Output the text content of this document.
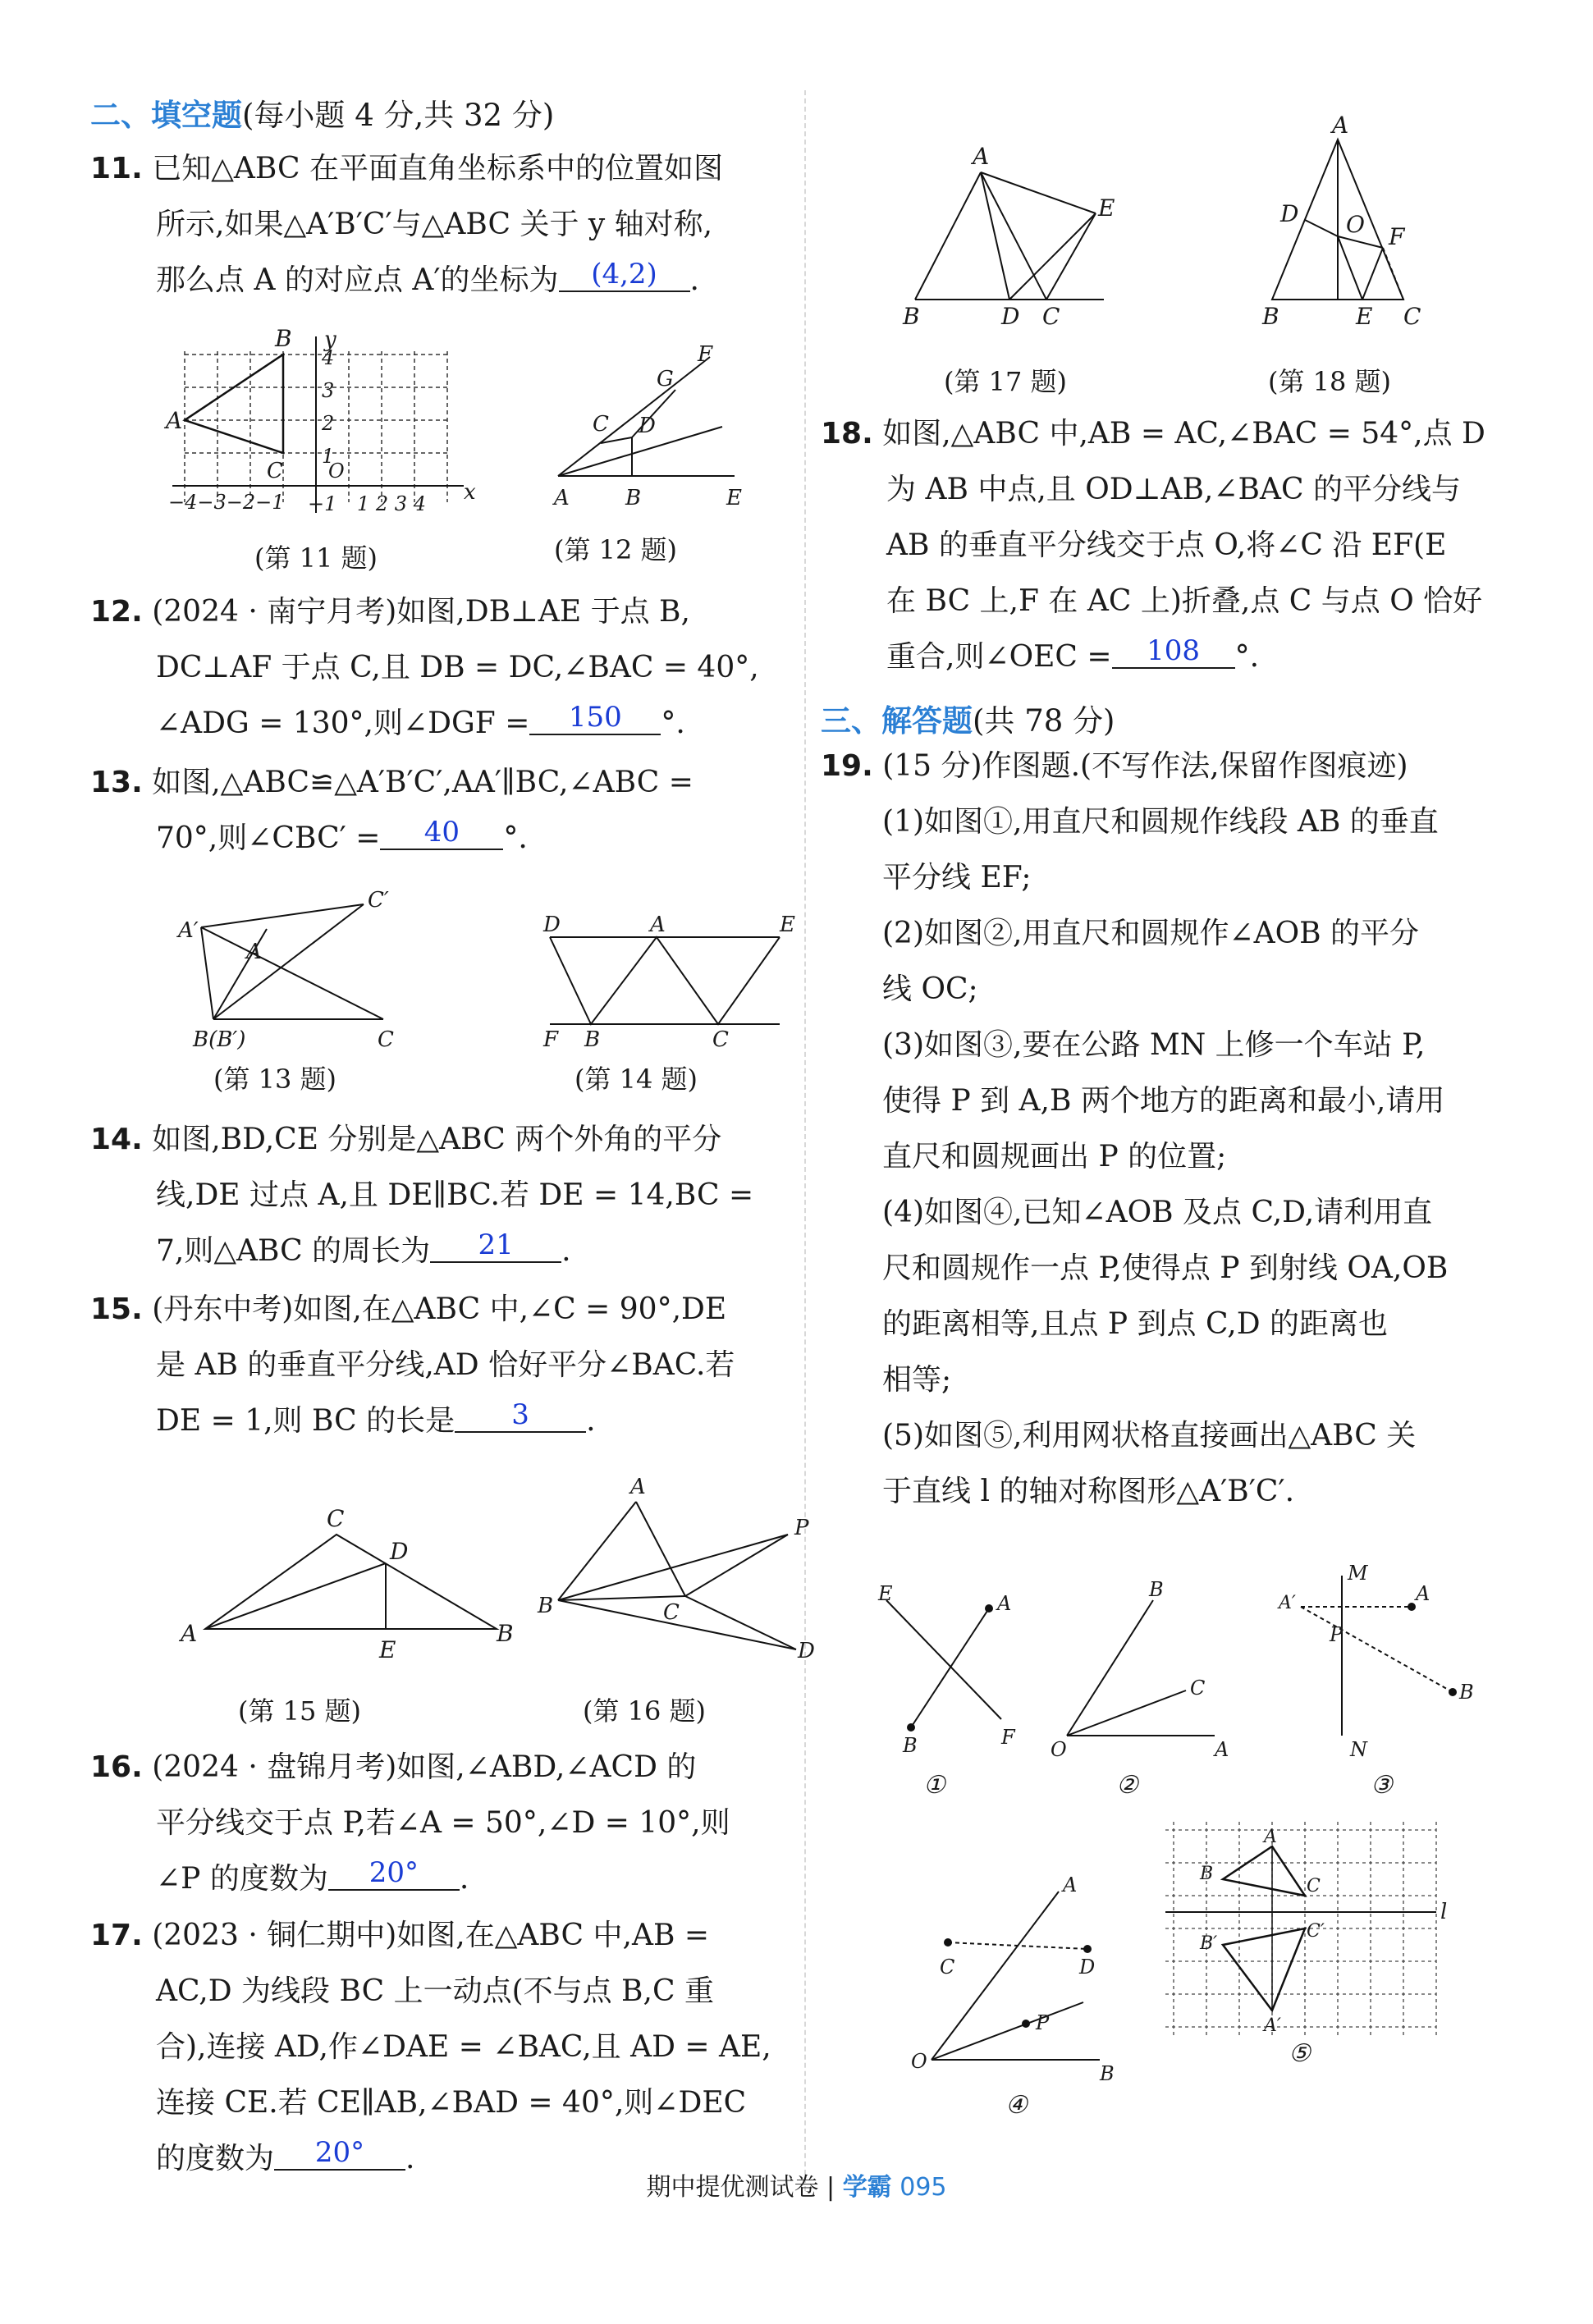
二、填空题(每小题 4 分,共 32 分)
11. 已知△ABC 在平面直角坐标系中的位置如图
所示,如果△A′B′C′与△ABC 关于 y 轴对称,
那么点 A 的对应点 A′的坐标为 (4,2) .
A
B
C
y
x
O
4
3
2
1
−4−3−2−1 −1 1 2 3 4
(第 11 题)
A	B	E
D
C
G
F
(第 12 题)
12. (2024 · 南宁月考)如图,DB⊥AE 于点 B,
DC⊥AF 于点 C,且 DB = DC,∠BAC = 40°,
∠ADG = 130°,则∠DGF = 150 °.
13. 如图,△ABC≌△A′B′C′,AA′∥BC,∠ABC =
70°,则∠CBC′ = 40 °.
A′
C′
A
B(B′)	C
(第 13 题)
D	A	E
F B	C
(第 14 题)
14. 如图,BD,CE 分别是△ABC 两个外角的平分
线,DE 过点 A,且 DE∥BC.若 DE = 14,BC =
7,则△ABC 的周长为 21 .
15. (丹东中考)如图,在△ABC 中,∠C = 90°,DE
是 AB 的垂直平分线,AD 恰好平分∠BAC.若
DE = 1,则 BC 的长是 3 .
C
D
A	B
E
(第 15 题)
A
B	C
P
D
(第 16 题)
16. (2024 · 盘锦月考)如图,∠ABD,∠ACD 的
平分线交于点 P,若∠A = 50°,∠D = 10°,则
∠P 的度数为 20° .
17. (2023 · 铜仁期中)如图,在△ABC 中,AB =
AC,D 为线段 BC 上一动点(不与点 B,C 重
合),连接 AD,作∠DAE = ∠BAC,且 AD = AE,
连接 CE.若 CE∥AB,∠BAD = 40°,则∠DEC
的度数为 20° .
A
E
B	D C
(第 17 题)
A
D O F
B	E C
(第 18 题)
18. 如图,△ABC 中,AB = AC,∠BAC = 54°,点 D
为 AB 中点,且 OD⊥AB,∠BAC 的平分线与
AB 的垂直平分线交于点 O,将∠C 沿 EF(E
在 BC 上,F 在 AC 上)折叠,点 C 与点 O 恰好
重合,则∠OEC = 108 °.
三、解答题(共 78 分)
19. (15 分)作图题.(不写作法,保留作图痕迹)
(1)如图①,用直尺和圆规作线段 AB 的垂直
平分线 EF;
(2)如图②,用直尺和圆规作∠AOB 的平分
线 OC;
(3)如图③,要在公路 MN 上修一个车站 P,
使得 P 到 A,B 两个地方的距离和最小,请用
直尺和圆规画出 P 的位置;
(4)如图④,已知∠AOB 及点 C,D,请利用直
尺和圆规作一点 P,使得点 P 到射线 OA,OB
的距离相等,且点 P 到点 C,D 的距离也
相等;
(5)如图⑤,利用网状格直接画出△ABC 关
于直线 l 的轴对称图形△A′B′C′.
E	A
B	F
①
B
C
O	A
②
M
A
A′
P
B
N
③
A
C	D
P
O
B
④
l
A
B
C
A′
B′
C′
⑤
期中提优测试卷 | 学霸 095
